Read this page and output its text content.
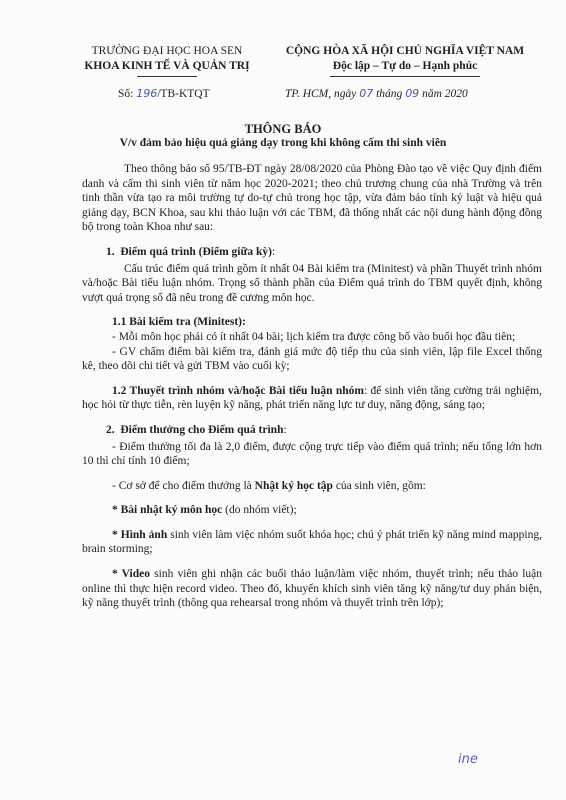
TRƯỜNG ĐẠI HỌC HOA SEN
KHOA KINH TẾ VÀ QUẢN TRỊ
CỘNG HÒA XÃ HỘI CHỦ NGHĨA VIỆT NAM
Độc lập – Tự do – Hạnh phúc
Số: 196/TB-KTQT	TP. HCM, ngày 07 tháng 09 năm 2020
THÔNG BÁO
V/v đảm bảo hiệu quả giảng dạy trong khi không cấm thi sinh viên

Theo thông báo số 95/TB-ĐT ngày 28/08/2020 của Phòng Đào tạo về việc Quy định điểm danh và cấm thi sinh viên từ năm học 2020-2021; theo chủ trương chung của nhà Trường và trên tinh thần vừa tạo ra môi trường tự do-tự chủ trong học tập, vừa đảm bảo tính kỷ luật và hiệu quả giảng dạy, BCN Khoa, sau khi thảo luận với các TBM, đã thống nhất các nội dung hành động đồng bộ trong toàn Khoa như sau:

1. Điểm quá trình (Điểm giữa kỳ):

Cấu trúc điểm quá trình gồm ít nhất 04 Bài kiểm tra (Minitest) và phần Thuyết trình nhóm và/hoặc Bài tiểu luận nhóm. Trọng số thành phần của Điểm quá trình do TBM quyết định, không vượt quá trọng số đã nêu trong đề cương môn học.

1.1 Bài kiểm tra (Minitest):
- Mỗi môn học phải có ít nhất 04 bài; lịch kiểm tra được công bố vào buổi học đầu tiên;

- GV chấm điểm bài kiểm tra, đánh giá mức độ tiếp thu của sinh viên, lập file Excel thống kê, theo dõi chi tiết và gửi TBM vào cuối kỳ;

1.2 Thuyết trình nhóm và/hoặc Bài tiểu luận nhóm: để sinh viên tăng cường trải nghiệm, học hỏi từ thực tiễn, rèn luyện kỹ năng, phát triển năng lực tư duy, năng động, sáng tạo;

2. Điểm thưởng cho Điểm quá trình:

- Điểm thưởng tối đa là 2,0 điểm, được cộng trực tiếp vào điểm quá trình; nếu tổng lớn hơn 10 thì chỉ tính 10 điểm;

- Cơ sở để cho điểm thưởng là Nhật ký học tập của sinh viên, gồm:

* Bài nhật ký môn học (do nhóm viết);

* Hình ảnh sinh viên làm việc nhóm suốt khóa học; chú ý phát triển kỹ năng mind mapping, brain storming;

* Video sinh viên ghi nhận các buổi thảo luận/làm việc nhóm, thuyết trình; nếu thảo luận online thì thực hiện record video. Theo đó, khuyến khích sinh viên tăng kỹ năng/tư duy phản biện, kỹ năng thuyết trình (thông qua rehearsal trong nhóm và thuyết trình trên lớp);

ine
